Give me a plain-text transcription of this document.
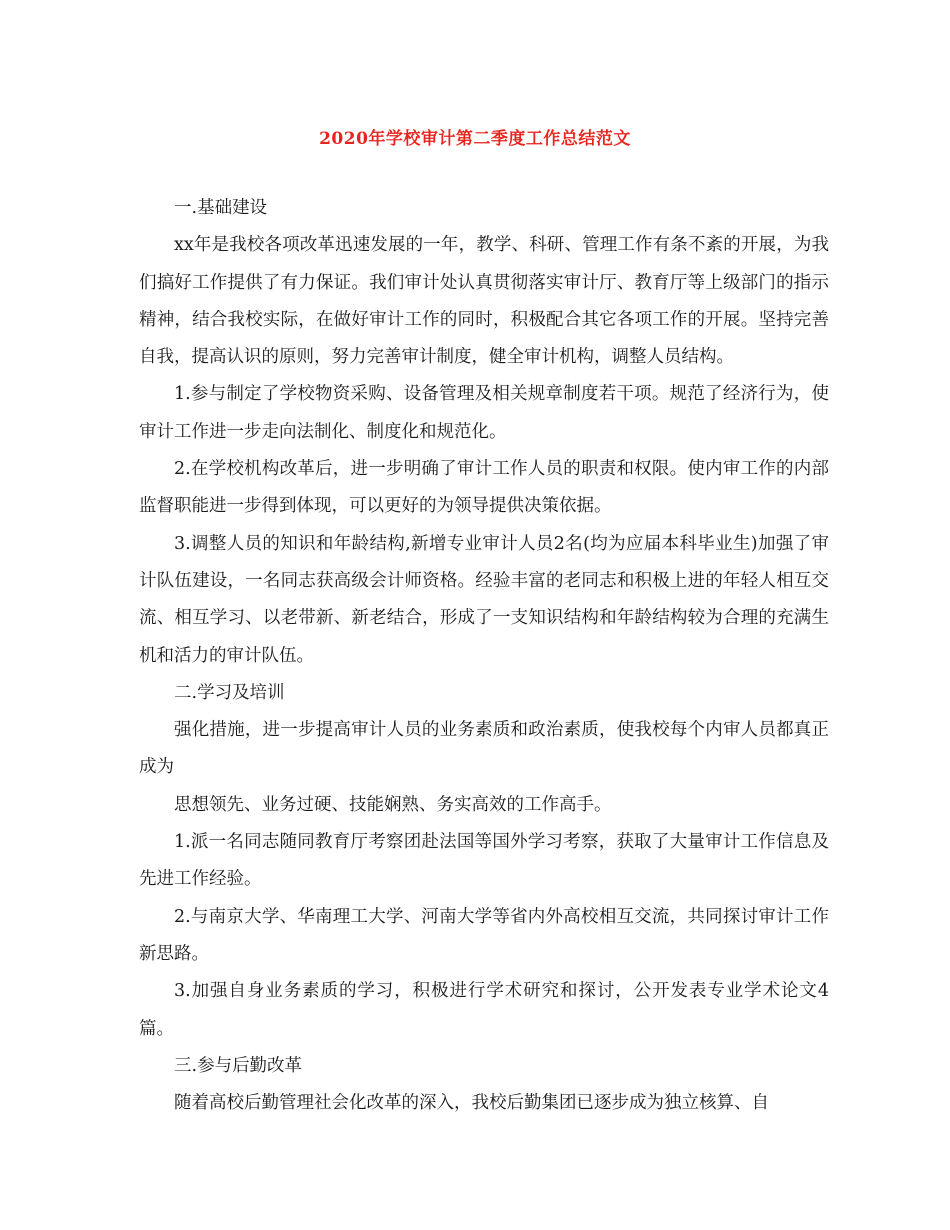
2020年学校审计第二季度工作总结范文

一.基础建设

xx年是我校各项改革迅速发展的一年，教学、科研、管理工作有条不紊的开展，为我们搞好工作提供了有力保证。我们审计处认真贯彻落实审计厅、教育厅等上级部门的指示精神，结合我校实际，在做好审计工作的同时，积极配合其它各项工作的开展。坚持完善自我，提高认识的原则，努力完善审计制度，健全审计机构，调整人员结构。

1.参与制定了学校物资采购、设备管理及相关规章制度若干项。规范了经济行为，使审计工作进一步走向法制化、制度化和规范化。

2.在学校机构改革后，进一步明确了审计工作人员的职责和权限。使内审工作的内部监督职能进一步得到体现，可以更好的为领导提供决策依据。

3.调整人员的知识和年龄结构,新增专业审计人员2名(均为应届本科毕业生)加强了审计队伍建设，一名同志获高级会计师资格。经验丰富的老同志和积极上进的年轻人相互交流、相互学习、以老带新、新老结合，形成了一支知识结构和年龄结构较为合理的充满生机和活力的审计队伍。

二.学习及培训

强化措施，进一步提高审计人员的业务素质和政治素质，使我校每个内审人员都真正成为

思想领先、业务过硬、技能娴熟、务实高效的工作高手。

1.派一名同志随同教育厅考察团赴法国等国外学习考察，获取了大量审计工作信息及先进工作经验。

2.与南京大学、华南理工大学、河南大学等省内外高校相互交流，共同探讨审计工作新思路。

3.加强自身业务素质的学习，积极进行学术研究和探讨，公开发表专业学术论文4篇。

三.参与后勤改革

随着高校后勤管理社会化改革的深入，我校后勤集团已逐步成为独立核算、自
